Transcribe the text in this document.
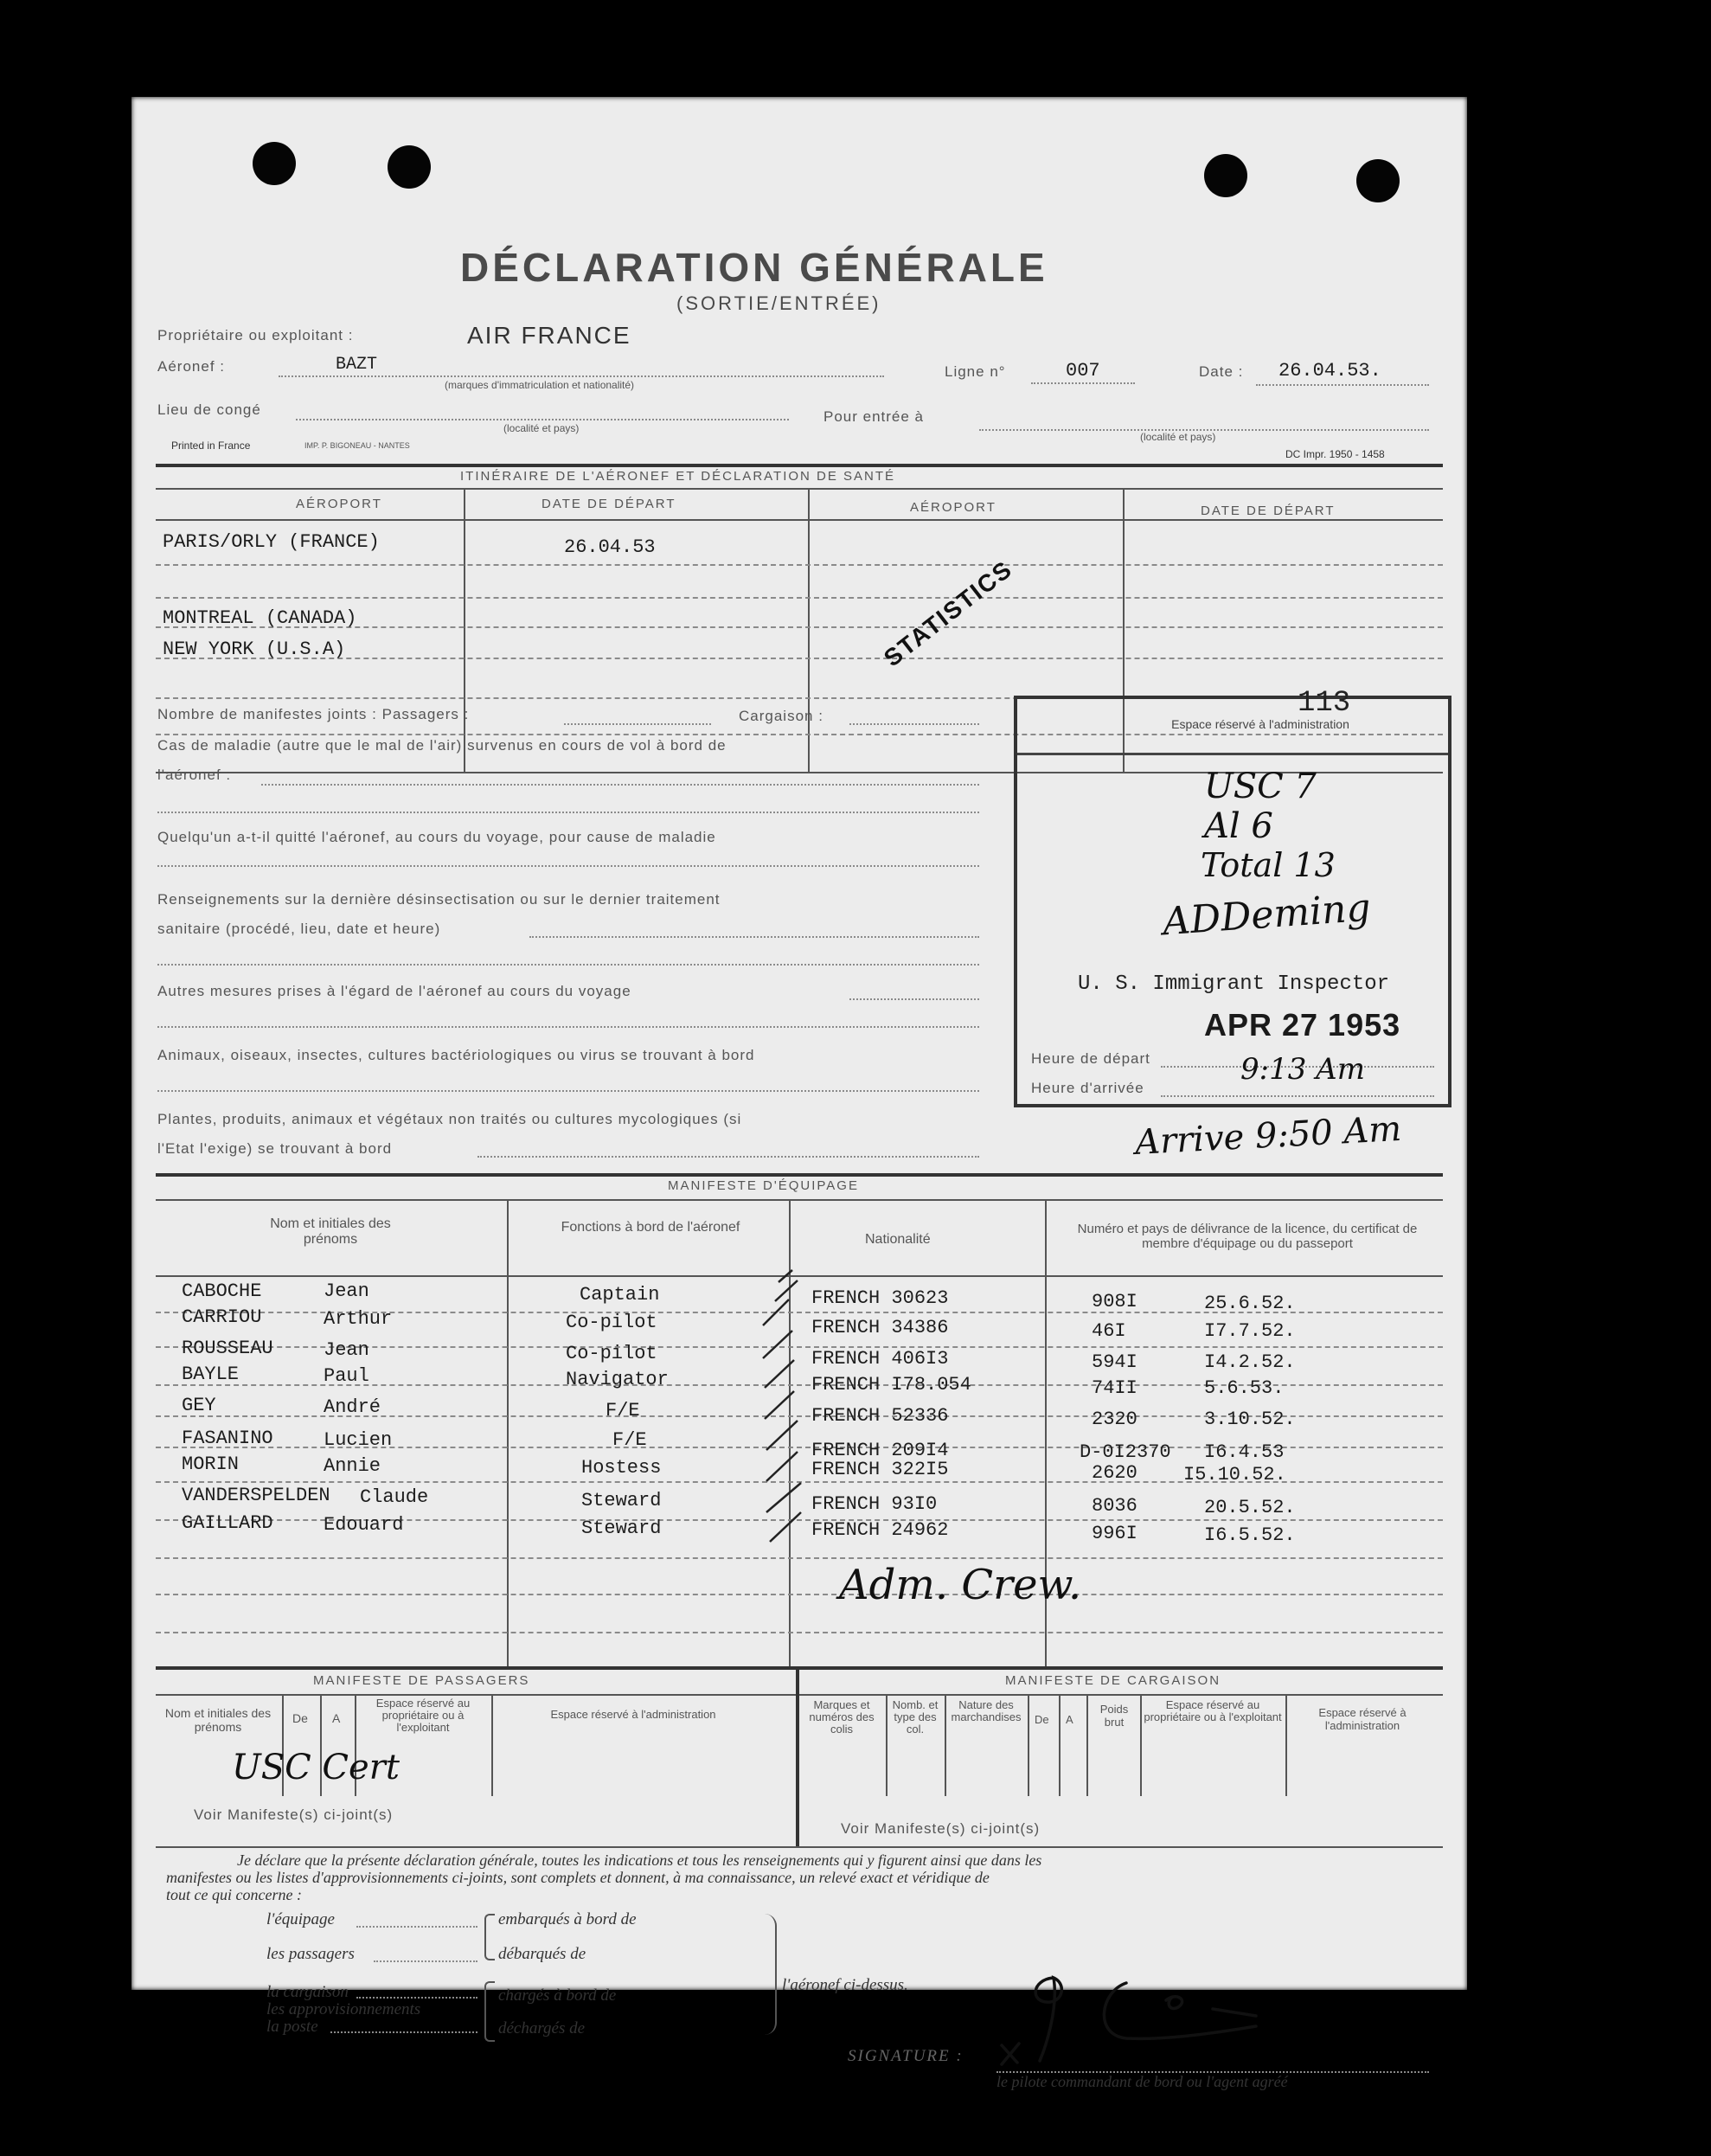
DÉCLARATION GÉNÉRALE
(SORTIE/ENTRÉE)
Propriétaire ou exploitant :	AIR FRANCE
Aéronef :	BAZT
(marques d'immatriculation et nationalité)
Ligne n°	007	Date : 26.04.53.
Lieu de congé
(localité et pays)
Pour entrée à
(localité et pays)
Printed in France	IMP. P. BIGONEAU - NANTES
DC Impr. 1950 - 1458
ITINÉRAIRE DE L'AÉRONEF ET DÉCLARATION DE SANTÉ
AÉROPORT	DATE DE DÉPART	AÉROPORT	DATE DE DÉPART
PARIS/ORLY (FRANCE)	26.04.53
MONTREAL (CANADA)
NEW YORK (U.S.A)	STATISTICS
Nombre de manifestes joints : Passagers :	Cargaison :
Cas de maladie (autre que le mal de l'air) survenus en cours de vol à bord de
l'aéronef :
Quelqu'un a-t-il quitté l'aéronef, au cours du voyage, pour cause de maladie
Renseignements sur la dernière désinsectisation ou sur le dernier traitement
sanitaire (procédé, lieu, date et heure)
Autres mesures prises à l'égard de l'aéronef au cours du voyage
Animaux, oiseaux, insectes, cultures bactériologiques ou virus se trouvant à bord
Plantes, produits, animaux et végétaux non traités ou cultures mycologiques (si
l'Etat l'exige) se trouvant à bord
113
Espace réservé à l'administration
USC 7
Al 6
Total 13
ADDeming
U. S. Immigrant Inspector
APR 27 1953
Heure de départ	9:13 Am
Heure d'arrivée
Arrive 9:50 Am
MANIFESTE D'ÉQUIPAGE
Nom et initiales des prénoms
Fonctions à bord de l'aéronef
Nationalité
Numéro et pays de délivrance de la licence, du certificat de membre d'équipage ou du passeport
CABOCHE	Jean	Captain	FRENCH 30623	908I	25.6.52.
CARRIOU	Arthur	Co-pilot	FRENCH 34386	46I	I7.7.52.
ROUSSEAU	Jean	Co-pilot	FRENCH 406I3	594I	I4.2.52.
BAYLE	Paul	Navigator	FRENCH I78.054	74II	5.6.53.
GEY	André	F/E	FRENCH 52336	2320	3.10.52.
FASANINO	Lucien	F/E	FRENCH 209I4	D-0I2370 I6.4.53
MORIN	Annie	Hostess	FRENCH 322I5	2620 I5.10.52.
VANDERSPELDEN Claude	Steward	FRENCH 93I0	8036	20.5.52.
GAILLARD	Edouard	Steward	FRENCH 24962	996I	I6.5.52.
Adm. Crew.
MANIFESTE DE PASSAGERS	MANIFESTE DE CARGAISON
Nom et initiales des prénoms
De A
Espace réservé au propriétaire ou à l'exploitant
Espace réservé à l'administration
Marques et numéros des colis
Nomb. et type des col.
Nature des marchandises	De A
Poids brut
Espace réservé au propriétaire ou à l'exploitant	Espace réservé à l'administration
USC Cert
Voir Manifeste(s) ci-joint(s)
Voir Manifeste(s) ci-joint(s)
Je déclare que la présente déclaration générale, toutes les indications et tous les renseignements qui y figurent ainsi que dans les
manifestes ou les listes d'approvisionnements ci-joints, sont complets et donnent, à ma connaissance, un relevé exact et véridique de
tout ce qui concerne :
l'équipage
les passagers
la cargaison
les approvisionnements
la poste
embarqués à bord de
débarqués de
chargés à bord de
déchargés de
l'aéronef ci-dessus.
SIGNATURE :
le pilote commandant de bord ou l'agent agréé
